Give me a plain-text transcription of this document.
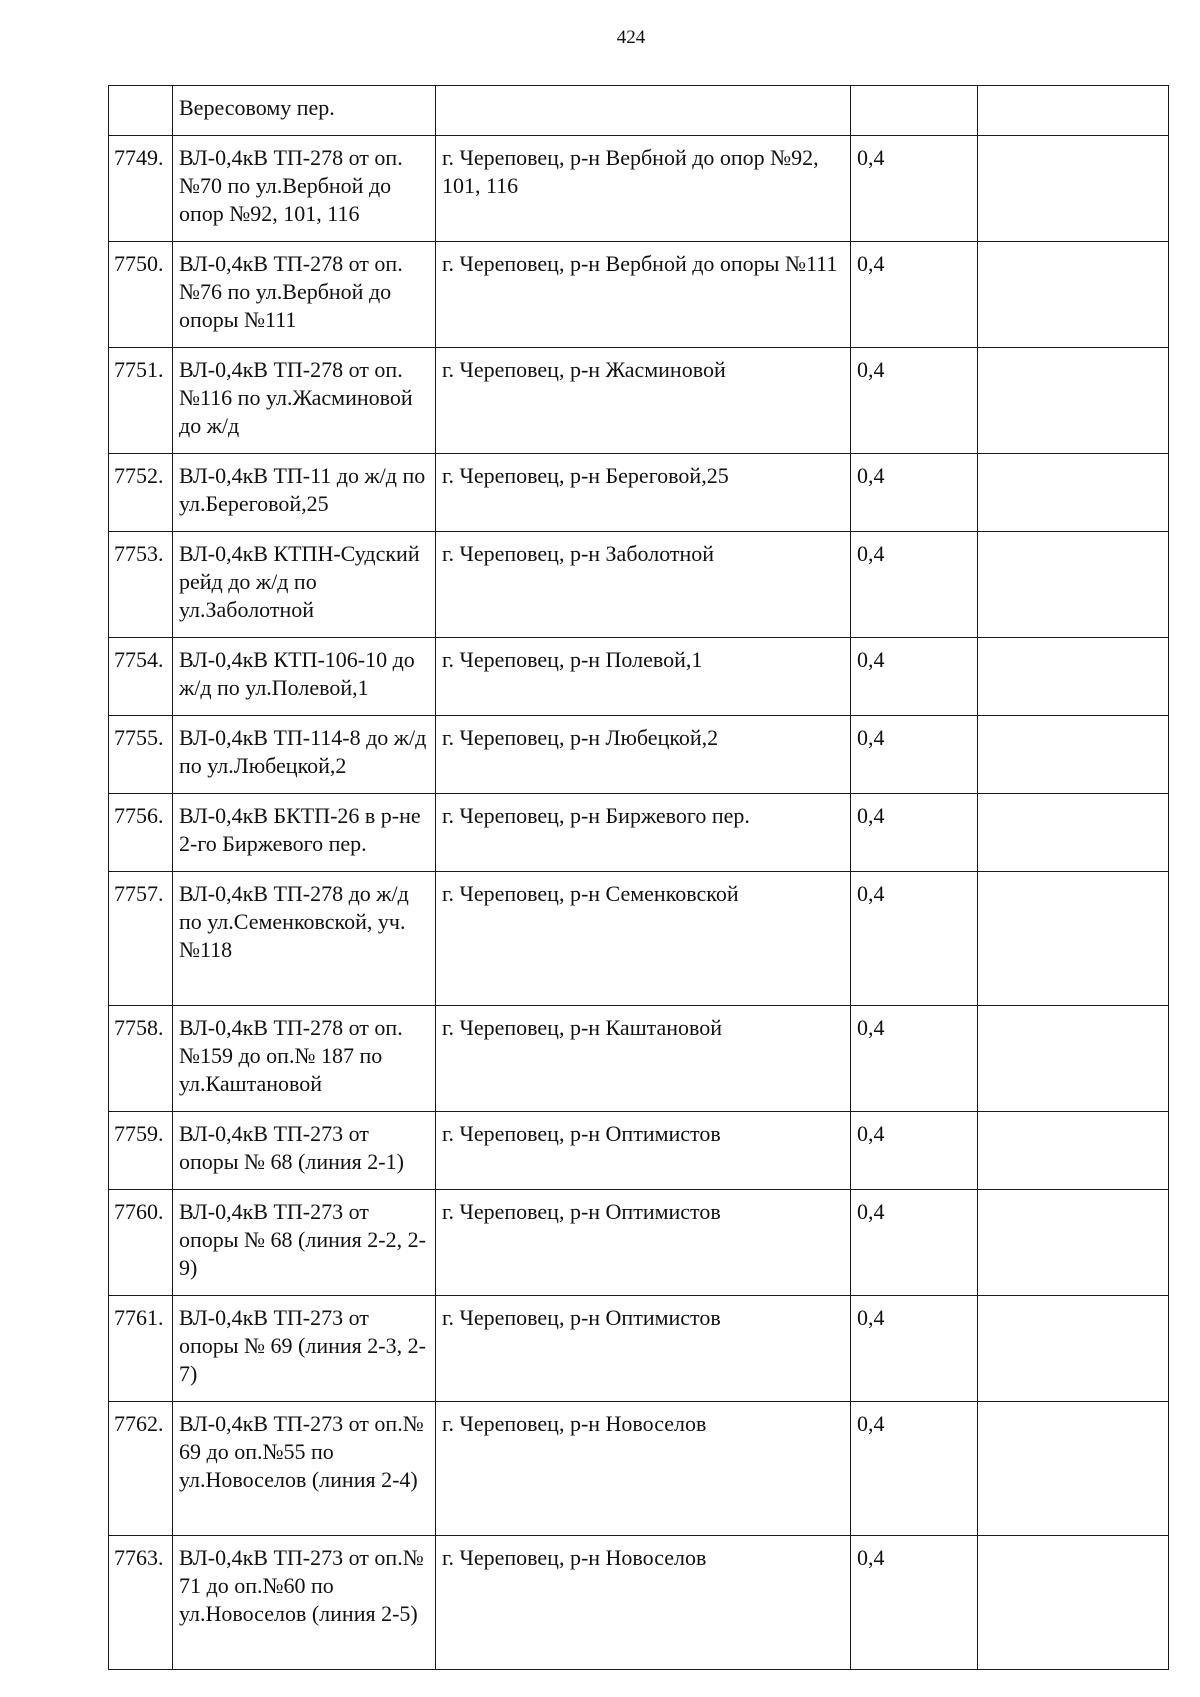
424
	Вересовому пер.			
7749.	ВЛ-0,4кВ ТП-278 от оп.№70 по ул.Вербной до опор №92, 101, 116	г. Череповец, р-н Вербной до опор №92, 101, 116	0,4	
7750.	ВЛ-0,4кВ ТП-278 от оп.№76 по ул.Вербной до опоры №111	г. Череповец, р-н Вербной до опоры №111	0,4	
7751.	ВЛ-0,4кВ ТП-278 от оп.№116 по ул.Жасминовой до ж/д	г. Череповец, р-н Жасминовой	0,4	
7752.	ВЛ-0,4кВ ТП-11 до ж/д по ул.Береговой,25	г. Череповец, р-н Береговой,25	0,4	
7753.	ВЛ-0,4кВ КТПН-Судский рейд до ж/д по ул.Заболотной	г. Череповец, р-н Заболотной	0,4	
7754.	ВЛ-0,4кВ КТП-106-10 до ж/д по ул.Полевой,1	г. Череповец, р-н Полевой,1	0,4	
7755.	ВЛ-0,4кВ ТП-114-8 до ж/д по ул.Любецкой,2	г. Череповец, р-н Любецкой,2	0,4	
7756.	ВЛ-0,4кВ БКТП-26 в р-не 2-го Биржевого пер.	г. Череповец, р-н Биржевого пер.	0,4	
7757.	ВЛ-0,4кВ ТП-278 до ж/д по ул.Семенковской, уч.№118	г. Череповец, р-н Семенковской	0,4	
7758.	ВЛ-0,4кВ ТП-278 от оп.№159 до оп.№ 187 по ул.Каштановой	г. Череповец, р-н Каштановой	0,4	
7759.	ВЛ-0,4кВ ТП-273 от опоры № 68 (линия 2-1)	г. Череповец, р-н Оптимистов	0,4	
7760.	ВЛ-0,4кВ ТП-273 от опоры № 68 (линия 2-2, 2-9)	г. Череповец, р-н Оптимистов	0,4	
7761.	ВЛ-0,4кВ ТП-273 от опоры № 69 (линия 2-3, 2-7)	г. Череповец, р-н Оптимистов	0,4	
7762.	ВЛ-0,4кВ ТП-273 от оп.№ 69 до оп.№55 по ул.Новоселов (линия 2-4)	г. Череповец, р-н Новоселов	0,4	
7763.	ВЛ-0,4кВ ТП-273 от оп.№ 71 до оп.№60 по ул.Новоселов (линия 2-5)	г. Череповец, р-н Новоселов	0,4	
